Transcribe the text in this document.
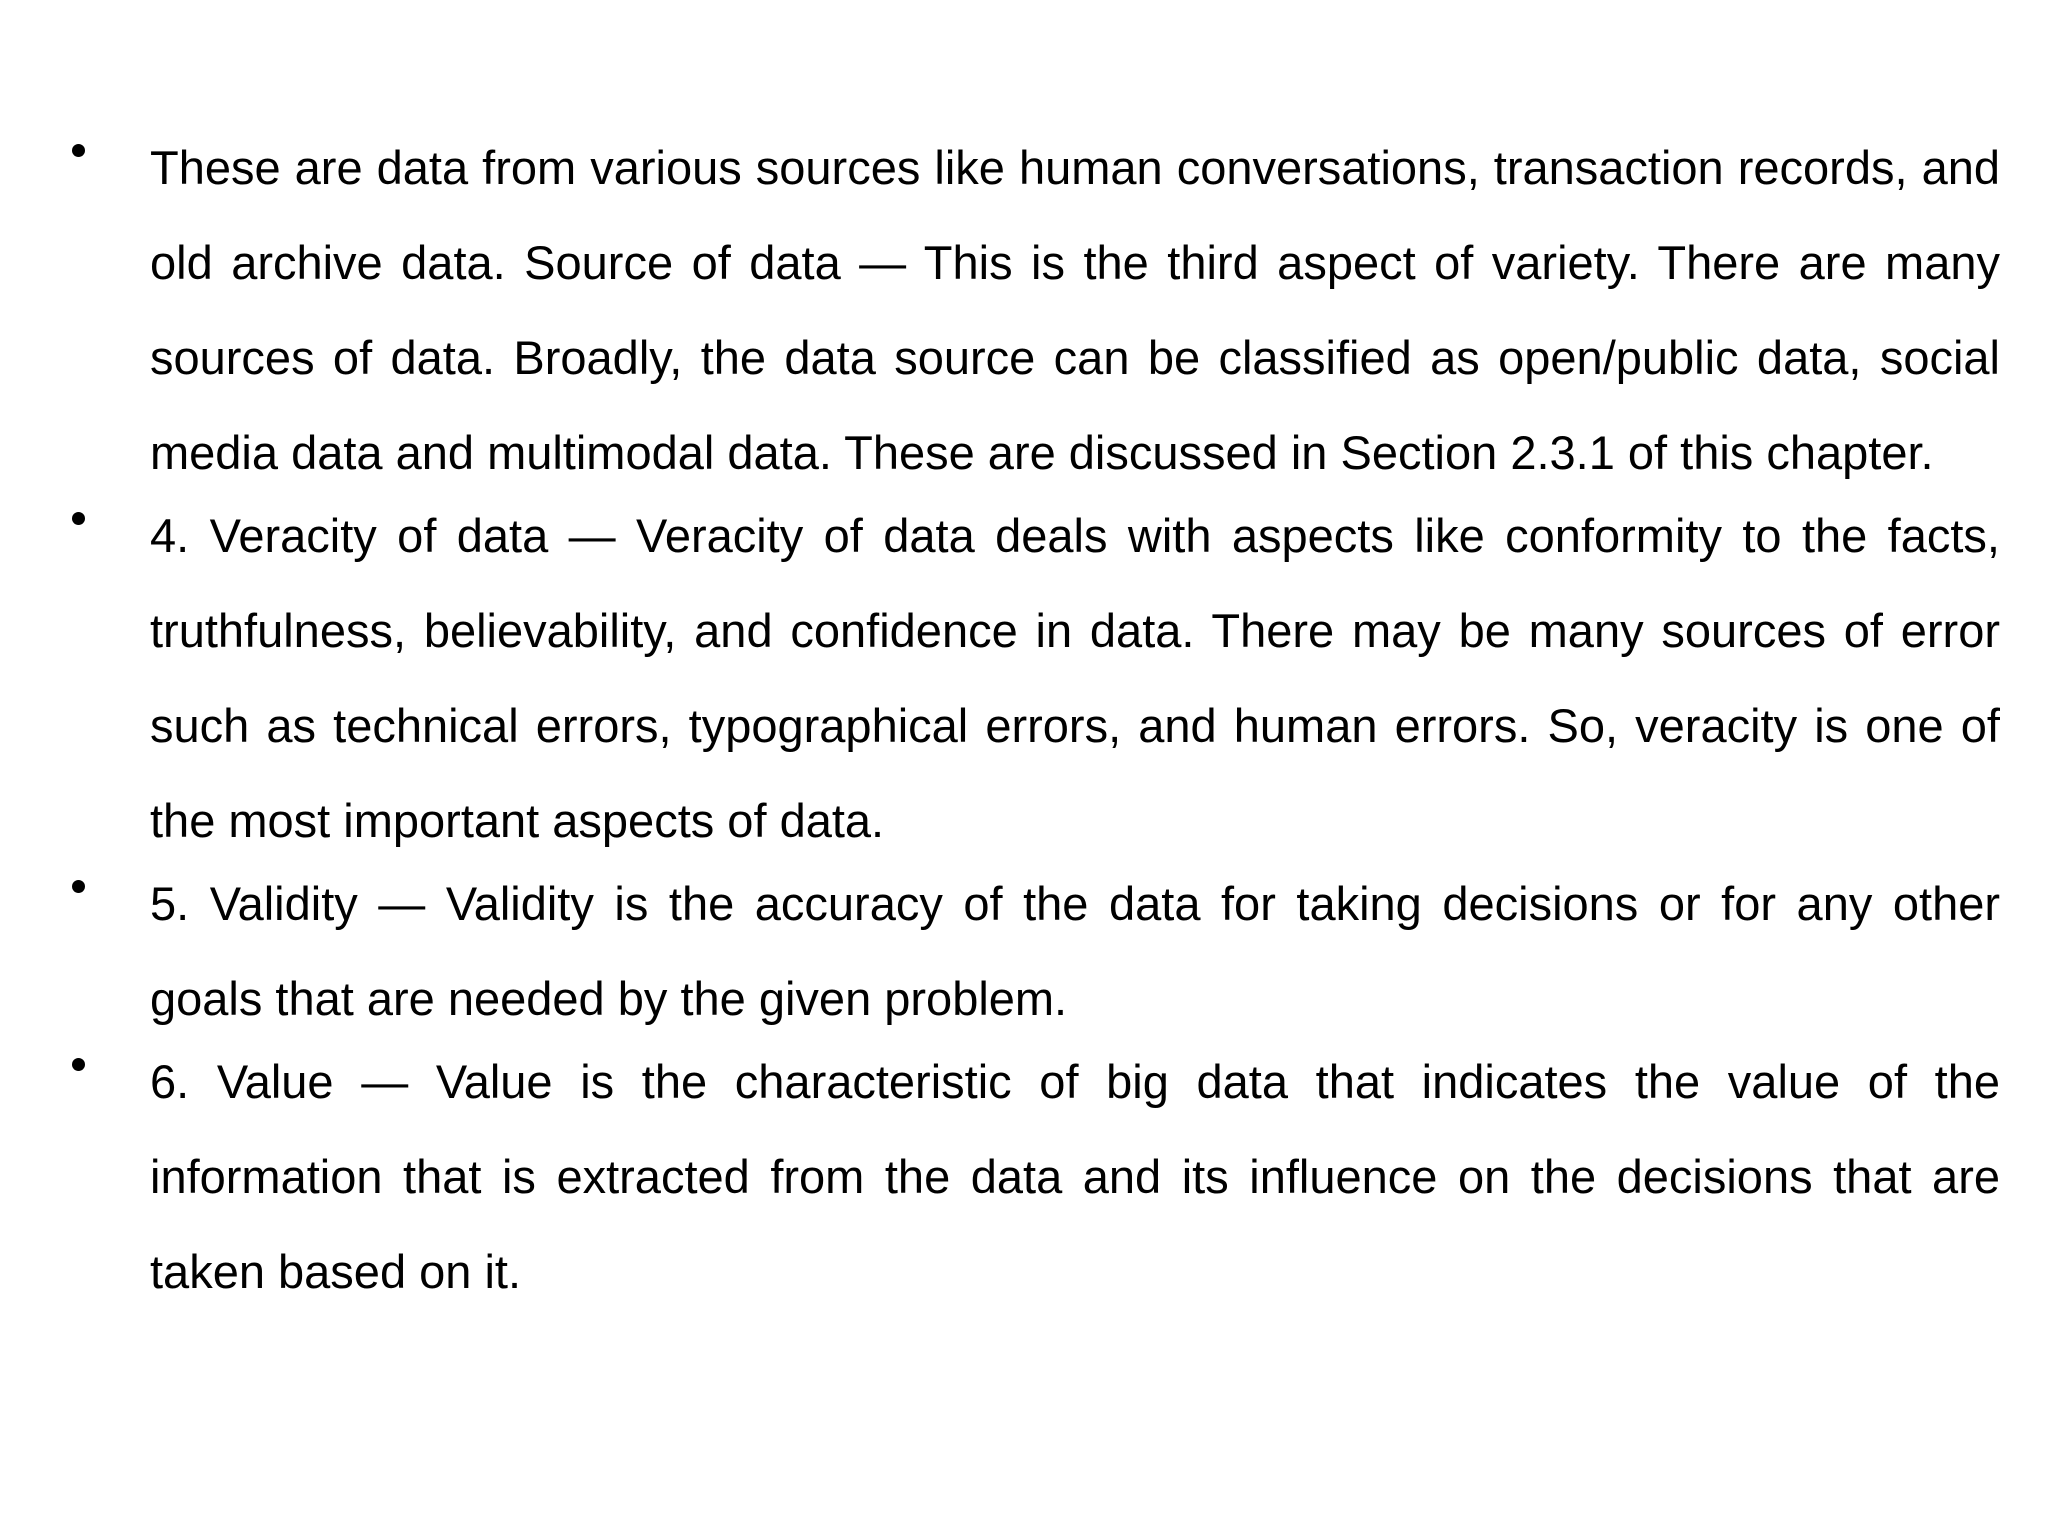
These are data from various sources like human conversations, transaction records, and old archive data. Source of data — This is the third aspect of variety. There are many sources of data. Broadly, the data source can be classified as open/public data, social media data and multimodal data. These are discussed in Section 2.3.1 of this chapter.
4. Veracity of data — Veracity of data deals with aspects like conformity to the facts, truthfulness, believability, and confidence in data. There may be many sources of error such as technical errors, typographical errors, and human errors. So, veracity is one of the most important aspects of data.
5. Validity — Validity is the accuracy of the data for taking decisions or for any other goals that are needed by the given problem.
6. Value — Value is the characteristic of big data that indicates the value of the information that is extracted from the data and its influence on the decisions that are taken based on it.
